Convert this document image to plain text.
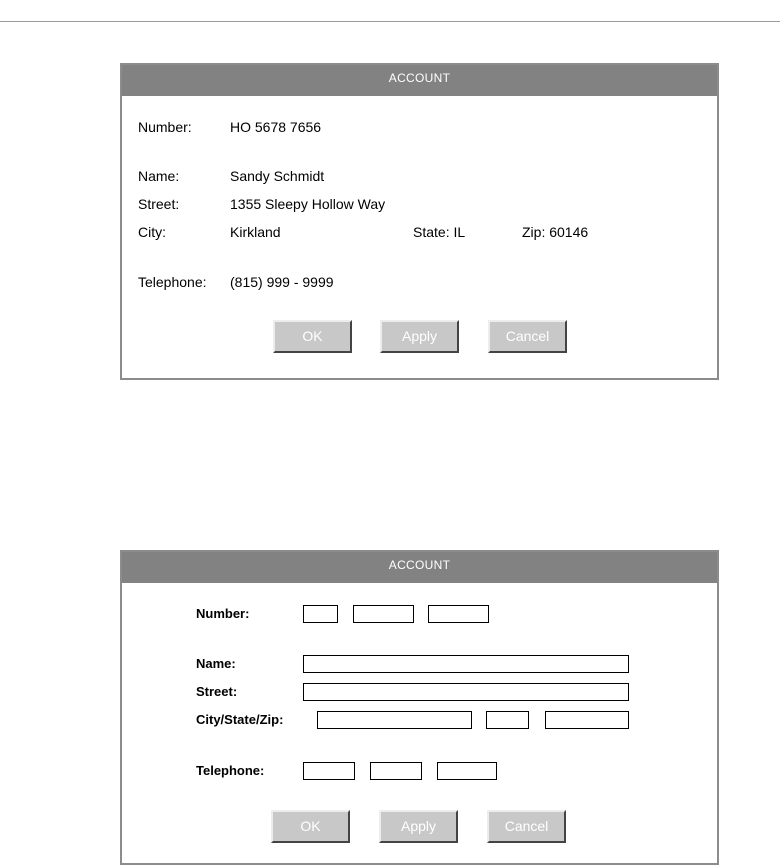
ACCOUNT
Number:	HO 5678 7656
Name:	Sandy Schmidt
Street:	1355 Sleepy Hollow Way
City:	Kirkland	State: IL	Zip: 60146
Telephone: (815) 999 - 9999
OK	Apply	Cancel
ACCOUNT
Number:
Name:
Street:
City/State/Zip:
Telephone:
OK	Apply	Cancel
